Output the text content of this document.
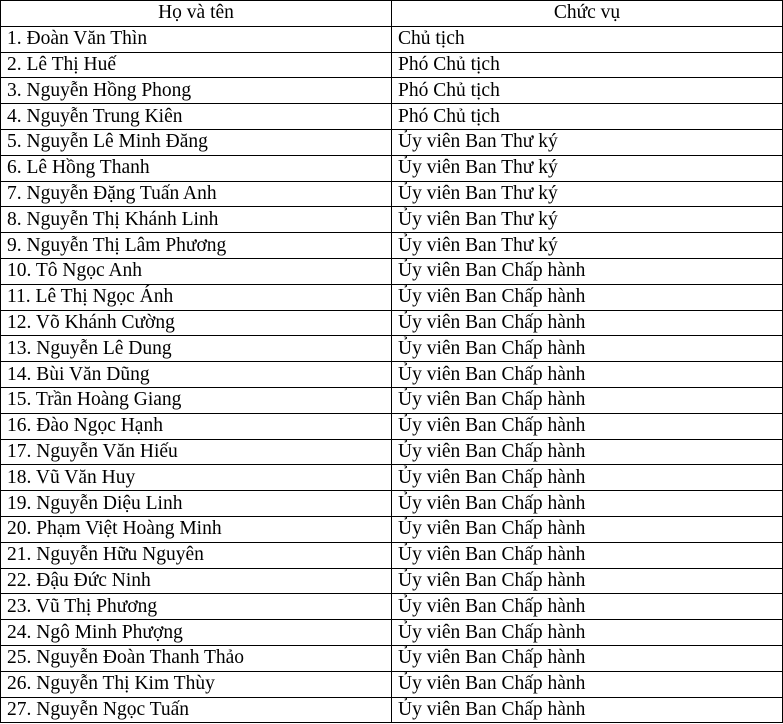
Họ và tên	Chức vụ
1. Đoàn Văn Thìn	Chủ tịch
2. Lê Thị Huế	Phó Chủ tịch
3. Nguyễn Hồng Phong	Phó Chủ tịch
4. Nguyễn Trung Kiên	Phó Chủ tịch
5. Nguyễn Lê Minh Đăng	Ủy viên Ban Thư ký
6. Lê Hồng Thanh	Ủy viên Ban Thư ký
7. Nguyễn Đặng Tuấn Anh	Ủy viên Ban Thư ký
8. Nguyễn Thị Khánh Linh	Ủy viên Ban Thư ký
9. Nguyễn Thị Lâm Phương	Ủy viên Ban Thư ký
10. Tô Ngọc Anh	Ủy viên Ban Chấp hành
11. Lê Thị Ngọc Ánh	Ủy viên Ban Chấp hành
12. Võ Khánh Cường	Ủy viên Ban Chấp hành
13. Nguyễn Lê Dung	Ủy viên Ban Chấp hành
14. Bùi Văn Dũng	Ủy viên Ban Chấp hành
15. Trần Hoàng Giang	Ủy viên Ban Chấp hành
16. Đào Ngọc Hạnh	Ủy viên Ban Chấp hành
17. Nguyễn Văn Hiếu	Ủy viên Ban Chấp hành
18. Vũ Văn Huy	Ủy viên Ban Chấp hành
19. Nguyễn Diệu Linh	Ủy viên Ban Chấp hành
20. Phạm Việt Hoàng Minh	Ủy viên Ban Chấp hành
21. Nguyễn Hữu Nguyên	Ủy viên Ban Chấp hành
22. Đậu Đức Ninh	Ủy viên Ban Chấp hành
23. Vũ Thị Phương	Ủy viên Ban Chấp hành
24. Ngô Minh Phượng	Ủy viên Ban Chấp hành
25. Nguyễn Đoàn Thanh Thảo	Ủy viên Ban Chấp hành
26. Nguyễn Thị Kim Thùy	Ủy viên Ban Chấp hành
27. Nguyễn Ngọc Tuấn	Ủy viên Ban Chấp hành
